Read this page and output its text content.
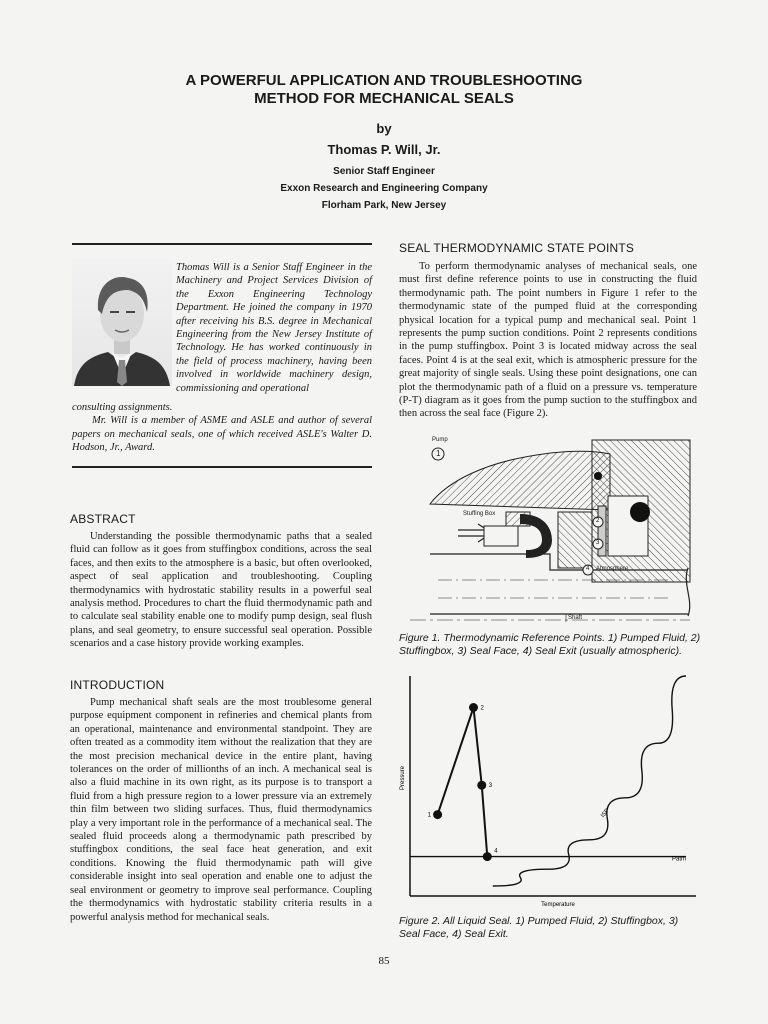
A POWERFUL APPLICATION AND TROUBLESHOOTING
METHOD FOR MECHANICAL SEALS
by
Thomas P. Will, Jr.
Senior Staff Engineer
Exxon Research and Engineering Company
Florham Park, New Jersey
Thomas Will is a Senior Staff Engineer in the Machinery and Project Services Division of the Exxon Engineering Technology Department. He joined the company in 1970 after receiving his B.S. degree in Mechanical Engineering from the New Jersey Institute of Technology. He has worked continuously in the field of process machinery, having been involved in worldwide machinery design, commissioning and operational

consulting assignments.

Mr. Will is a member of ASME and ASLE and author of several papers on mechanical seals, one of which received ASLE's Walter D. Hodson, Jr., Award.

ABSTRACT

Understanding the possible thermodynamic paths that a sealed fluid can follow as it goes from stuffingbox conditions, across the seal faces, and then exits to the atmosphere is a basic, but often overlooked, aspect of seal application and troubleshooting. Coupling thermodynamics with hydrostatic stability results in a powerful seal analysis method. Procedures to chart the fluid thermodynamic path and to calculate seal stability enable one to modify pump design, seal flush plans, and seal geometry, to ensure successful seal operation. Possible scenarios and a case history provide working examples.

INTRODUCTION

Pump mechanical shaft seals are the most troublesome general purpose equipment component in refineries and chemical plants from an operational, maintenance and environmental standpoint. They are often treated as a commodity item without the realization that they are the most precision mechanical device in the entire plant, having tolerances on the order of millionths of an inch. A mechanical seal is also a fluid machine in its own right, as its purpose is to transport a fluid from a high pressure region to a lower pressure via an extremely thin film between two sliding surfaces. Thus, fluid thermodynamics play a very important role in the performance of a mechanical seal. The sealed fluid proceeds along a thermodynamic path prescribed by stuffingbox conditions, the seal face heat generation, and exit conditions. Knowing the fluid thermodynamic path will give considerable insight into seal operation and enable one to adjust the seal environment or geometry to improve seal performance. Coupling the thermodynamics with hydrostatic stability criteria results in a powerful analysis method for mechanical seals.

SEAL THERMODYNAMIC STATE POINTS

To perform thermodynamic analyses of mechanical seals, one must first define reference points to use in constructing the fluid thermodynamic path. The point numbers in Figure 1 refer to the thermodynamic state of the pumped fluid at the corresponding physical location for a typical pump and mechanical seal. Point 1 represents the pump suction conditions. Point 2 represents conditions in the pump stuffingbox. Point 3 is located midway across the seal faces. Point 4 is at the seal exit, which is atmospheric pressure for the great majority of single seals. Using these point designations, one can plot the thermodynamic path of a fluid on a pressure vs. temperature (P-T) diagram as it goes from the pump suction to the stuffingbox and then across the seal face (Figure 2).

Pump
1
Stuffing Box
2
3
4 Atmosphere
Shaft
Figure 1. Thermodynamic Reference Points. 1) Pumped Fluid, 2) Stuffingbox, 3) Seal Face, 4) Seal Exit (usually atmospheric).
ISP
Patm
1
2
3
4
Temperature
Pressure
Figure 2. All Liquid Seal. 1) Pumped Fluid, 2) Stuffingbox, 3) Seal Face, 4) Seal Exit.
85
